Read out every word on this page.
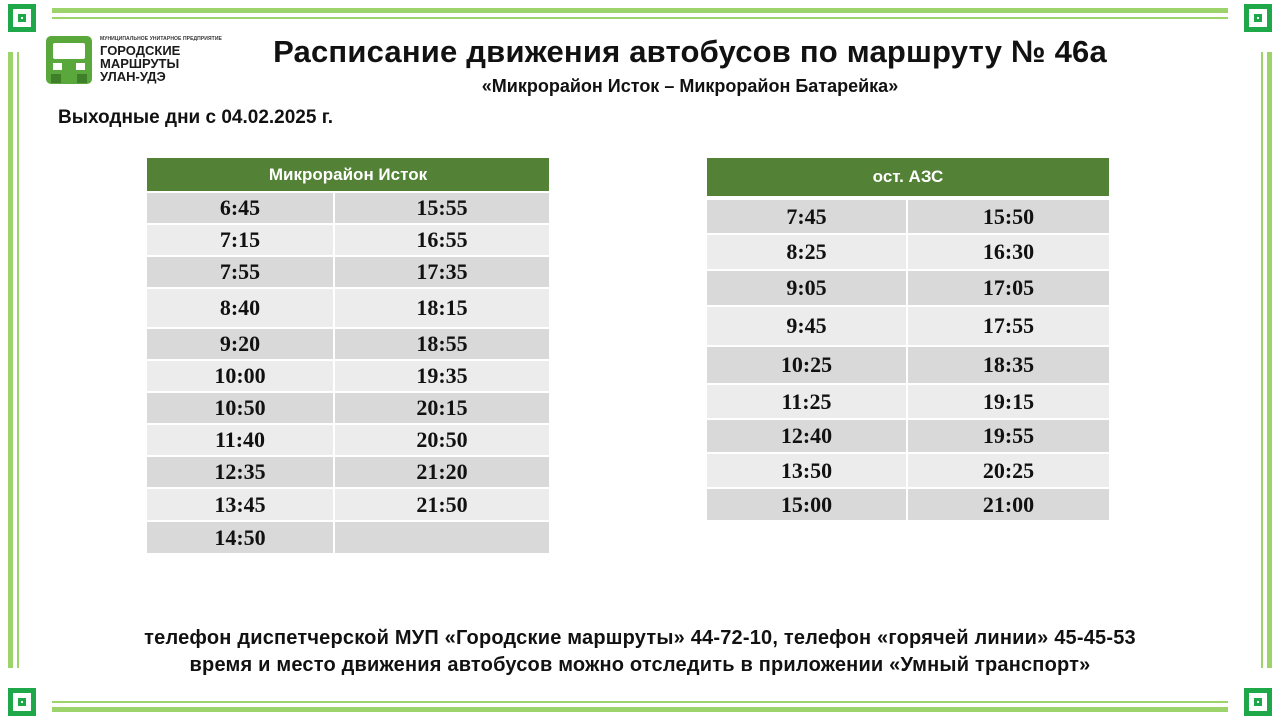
МУНИЦИПАЛЬНОЕ УНИТАРНОЕ ПРЕДПРИЯТИЕ
ГОРОДСКИЕ
МАРШРУТЫ
УЛАН-УДЭ
Расписание движения автобусов по маршруту № 46а
«Микрорайон Исток – Микрорайон Батарейка»
Выходные дни с 04.02.2025 г.
Микрорайон Исток
6:45	15:55
7:15	16:55
7:55	17:35
8:40	18:15
9:20	18:55
10:00	19:35
10:50	20:15
11:40	20:50
12:35	21:20
13:45	21:50
14:50
ост. АЗС
7:45	15:50
8:25	16:30
9:05	17:05
9:45	17:55
10:25	18:35
11:25	19:15
12:40	19:55
13:50	20:25
15:00	21:00
телефон диспетчерской МУП «Городские маршруты» 44-72-10, телефон «горячей линии» 45-45-53
время и место движения автобусов можно отследить в приложении «Умный транспорт»
